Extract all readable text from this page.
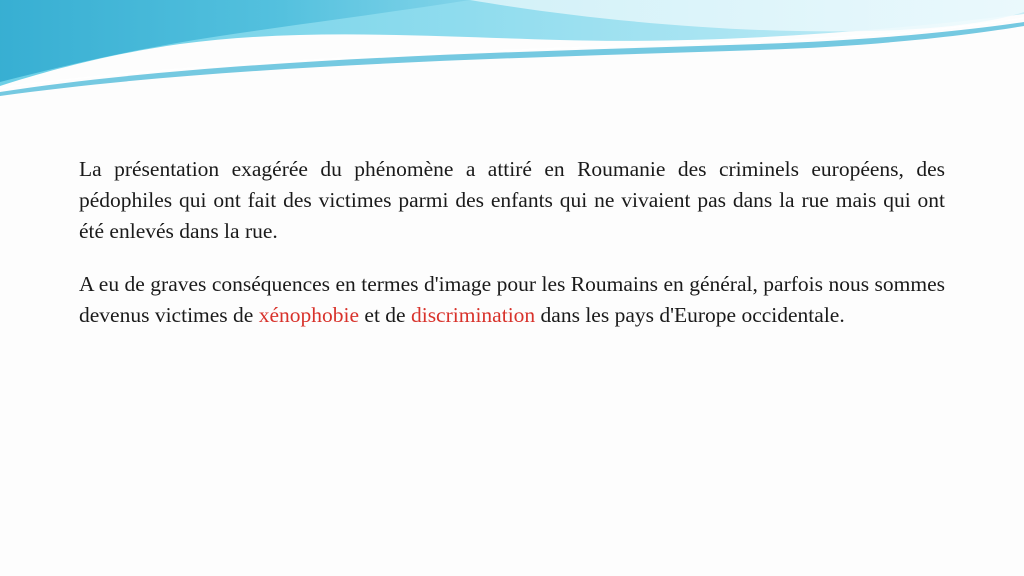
La présentation exagérée du phénomène a attiré en Roumanie des criminels européens, des pédophiles qui ont fait des victimes parmi des enfants qui ne vivaient pas dans la rue mais qui ont été enlevés dans la rue.

A eu de graves conséquences en termes d'image pour les Roumains en général, parfois nous sommes devenus victimes de xénophobie et de discrimination dans les pays d'Europe occidentale.
